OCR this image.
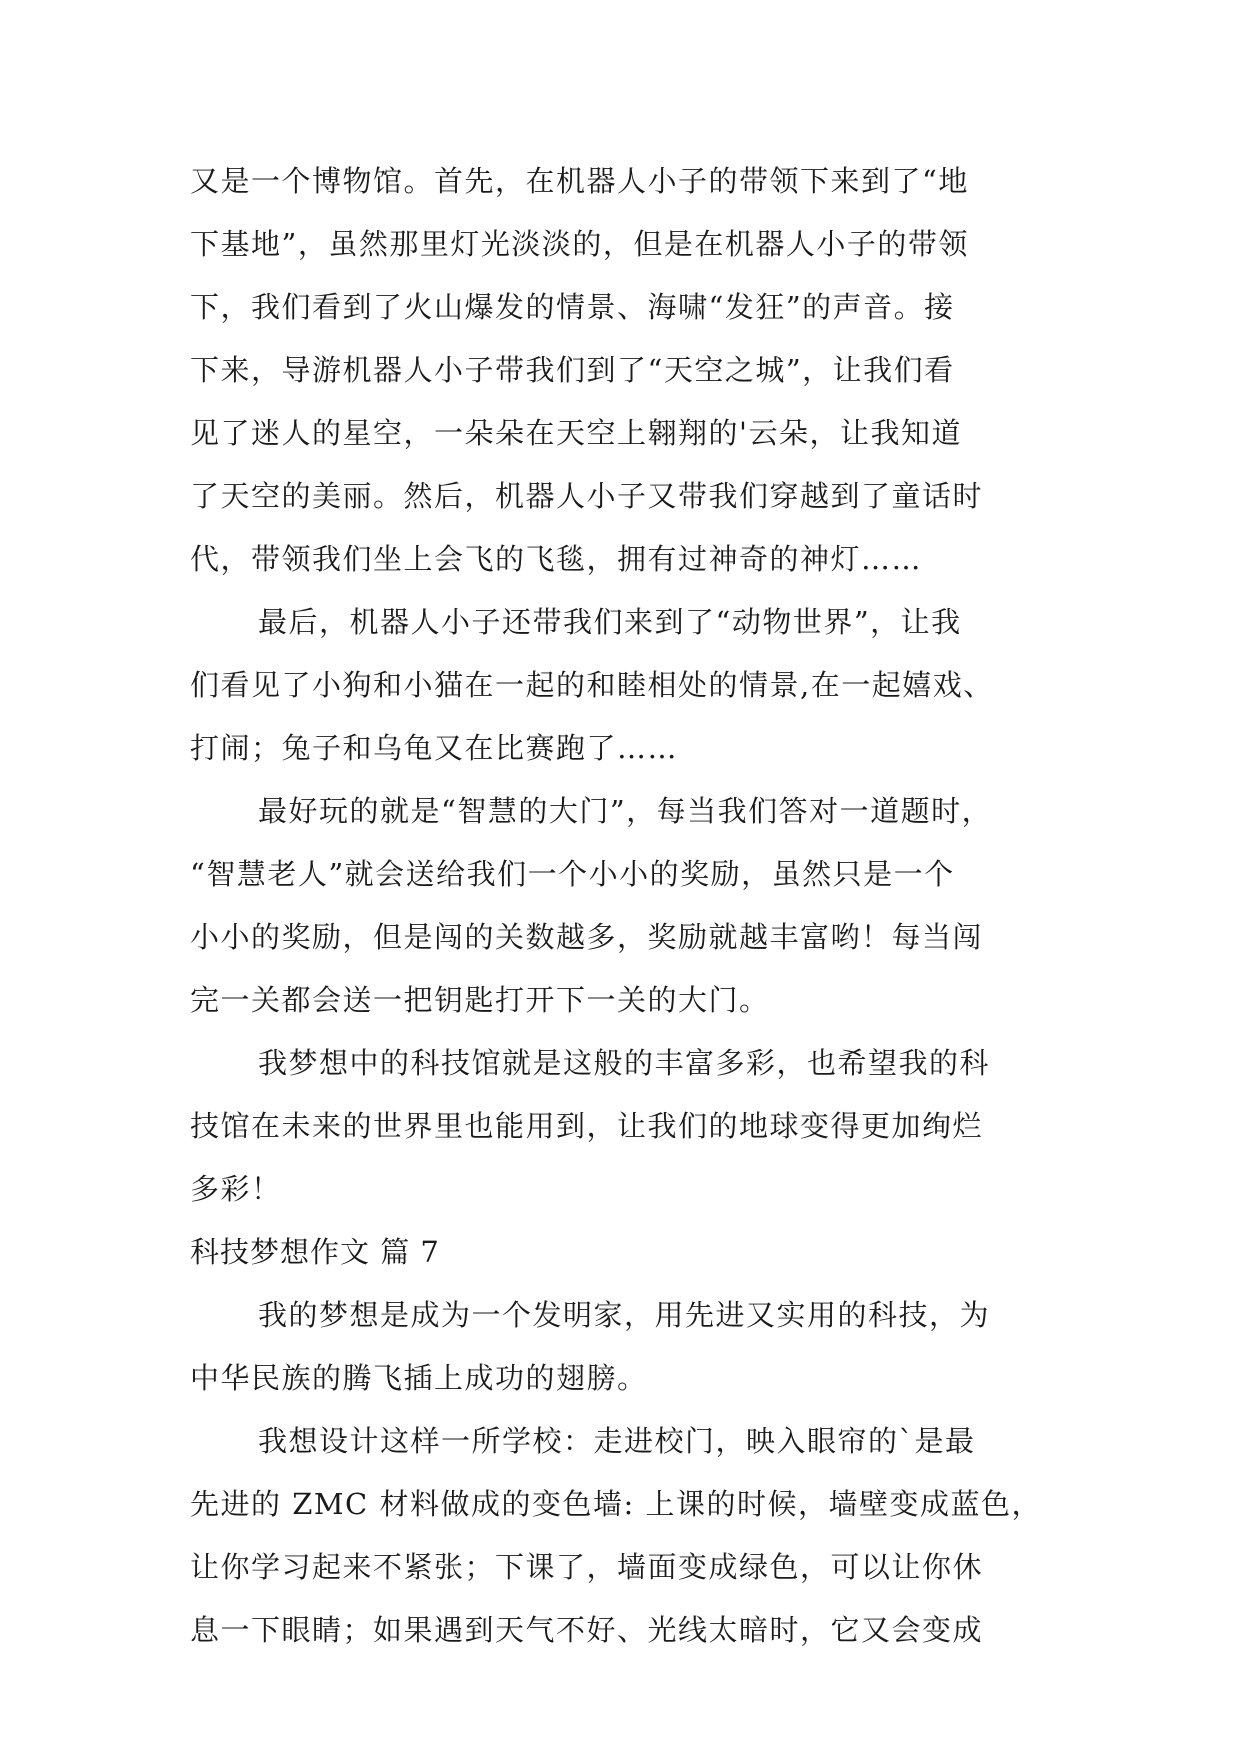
又是一个博物馆。首先，在机器人小子的带领下来到了“地
下基地”，虽然那里灯光淡淡的，但是在机器人小子的带领
下，我们看到了火山爆发的情景、海啸“发狂”的声音。接
下来，导游机器人小子带我们到了“天空之城”，让我们看
见了迷人的星空，一朵朵在天空上翱翔的'云朵，让我知道
了天空的美丽。然后，机器人小子又带我们穿越到了童话时
代，带领我们坐上会飞的飞毯，拥有过神奇的神灯……
最后，机器人小子还带我们来到了“动物世界”，让我
们看见了小狗和小猫在一起的和睦相处的情景,在一起嬉戏、
打闹；兔子和乌龟又在比赛跑了……
最好玩的就是“智慧的大门”，每当我们答对一道题时，
“智慧老人”就会送给我们一个小小的奖励，虽然只是一个
小小的奖励，但是闯的关数越多，奖励就越丰富哟！每当闯
完一关都会送一把钥匙打开下一关的大门。
我梦想中的科技馆就是这般的丰富多彩，也希望我的科
技馆在未来的世界里也能用到，让我们的地球变得更加绚烂
多彩！
科技梦想作文 篇 7
我的梦想是成为一个发明家，用先进又实用的科技，为
中华民族的腾飞插上成功的翅膀。
我想设计这样一所学校：走进校门，映入眼帘的`是最
先进的 ZMC 材料做成的变色墙: 上课的时候，墙壁变成蓝色，
让你学习起来不紧张；下课了，墙面变成绿色，可以让你休
息一下眼睛；如果遇到天气不好、光线太暗时，它又会变成
